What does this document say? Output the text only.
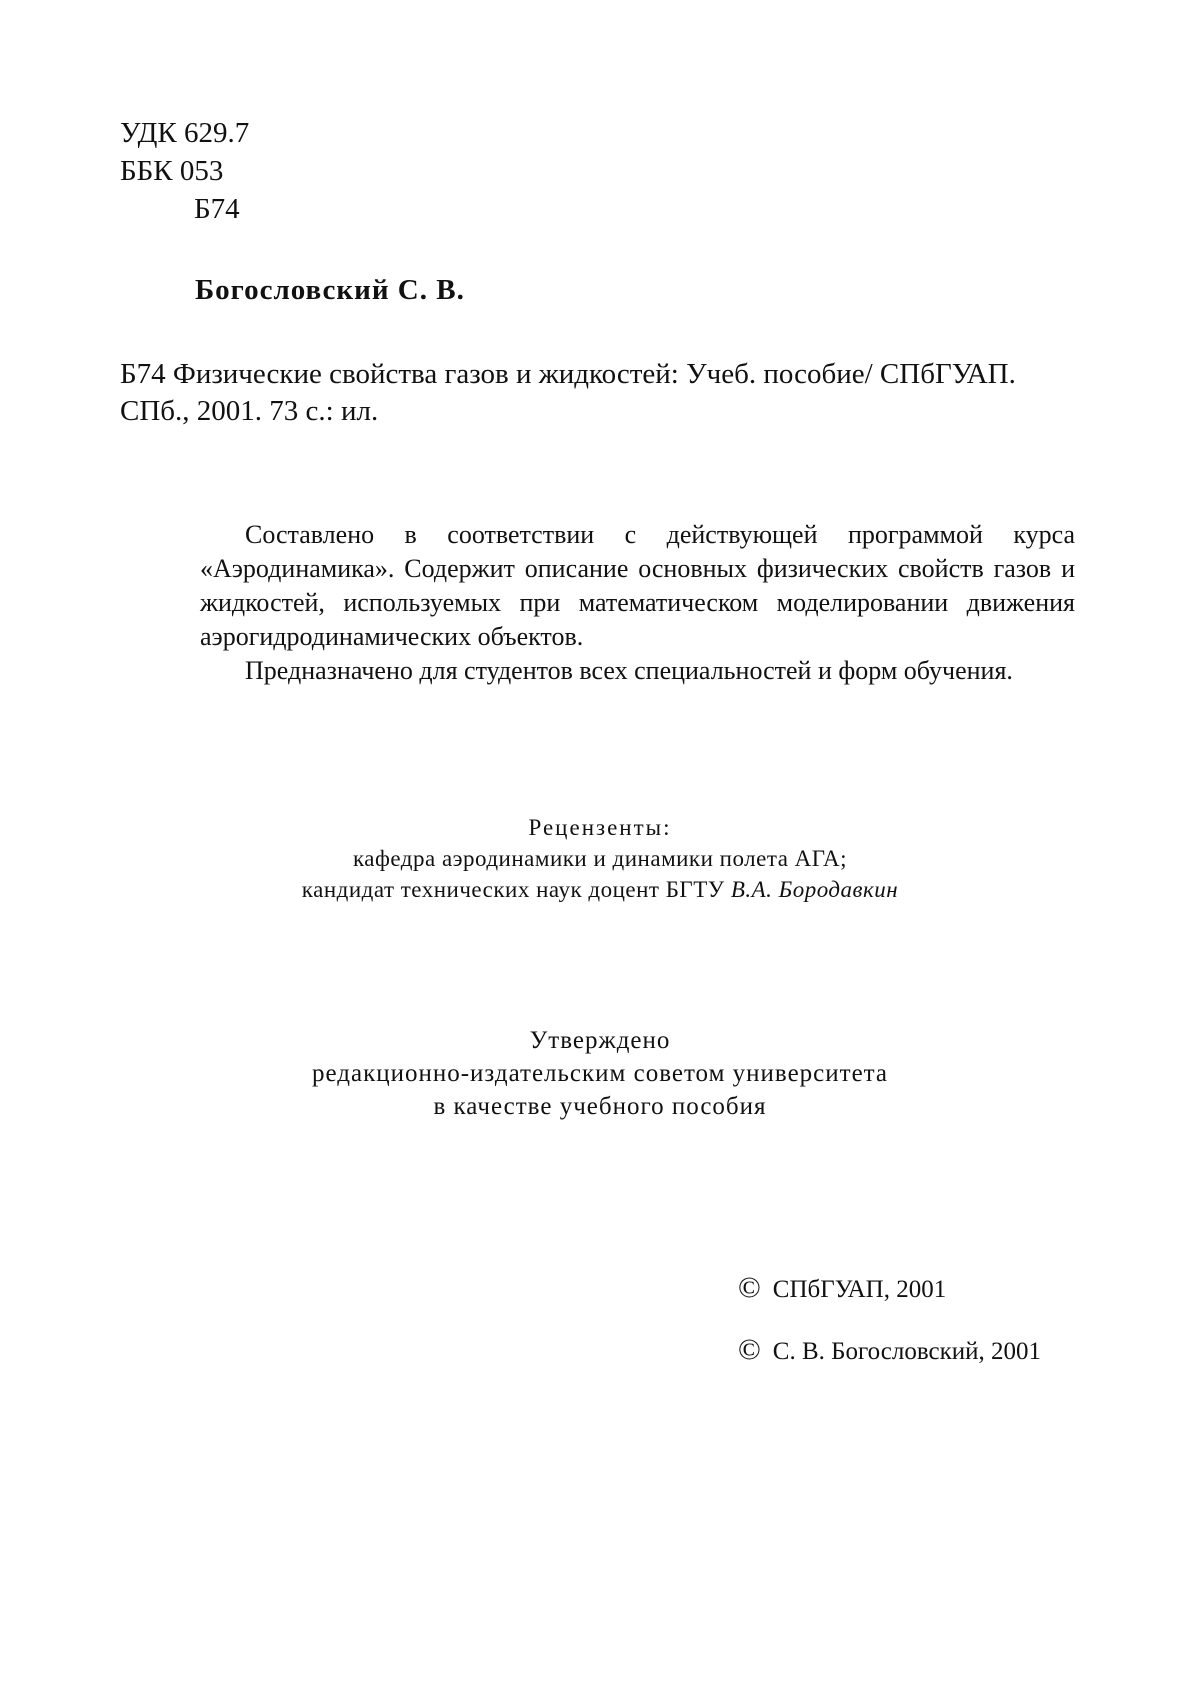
УДК 629.7
ББК 053
Б74
Богословский С. В.
Б74 Физические свойства газов и жидкостей: Учеб. пособие/ СПбГУАП.
СПб., 2001. 73 с.: ил.

Составлено в соответствии с действующей программой курса «Аэродинамика». Содержит описание основных физических свойств газов и жидкостей, используемых при математическом моделировании движения аэрогидродинамических объектов.

Предназначено для студентов всех специальностей и форм обучения.

Рецензенты:
кафедра аэродинамики и динамики полета АГА;
кандидат технических наук доцент БГТУ В.А. Бородавкин
Утверждено
редакционно-издательским советом университета
в качестве учебного пособия
© СПбГУАП, 2001
© С. В. Богословский, 2001
